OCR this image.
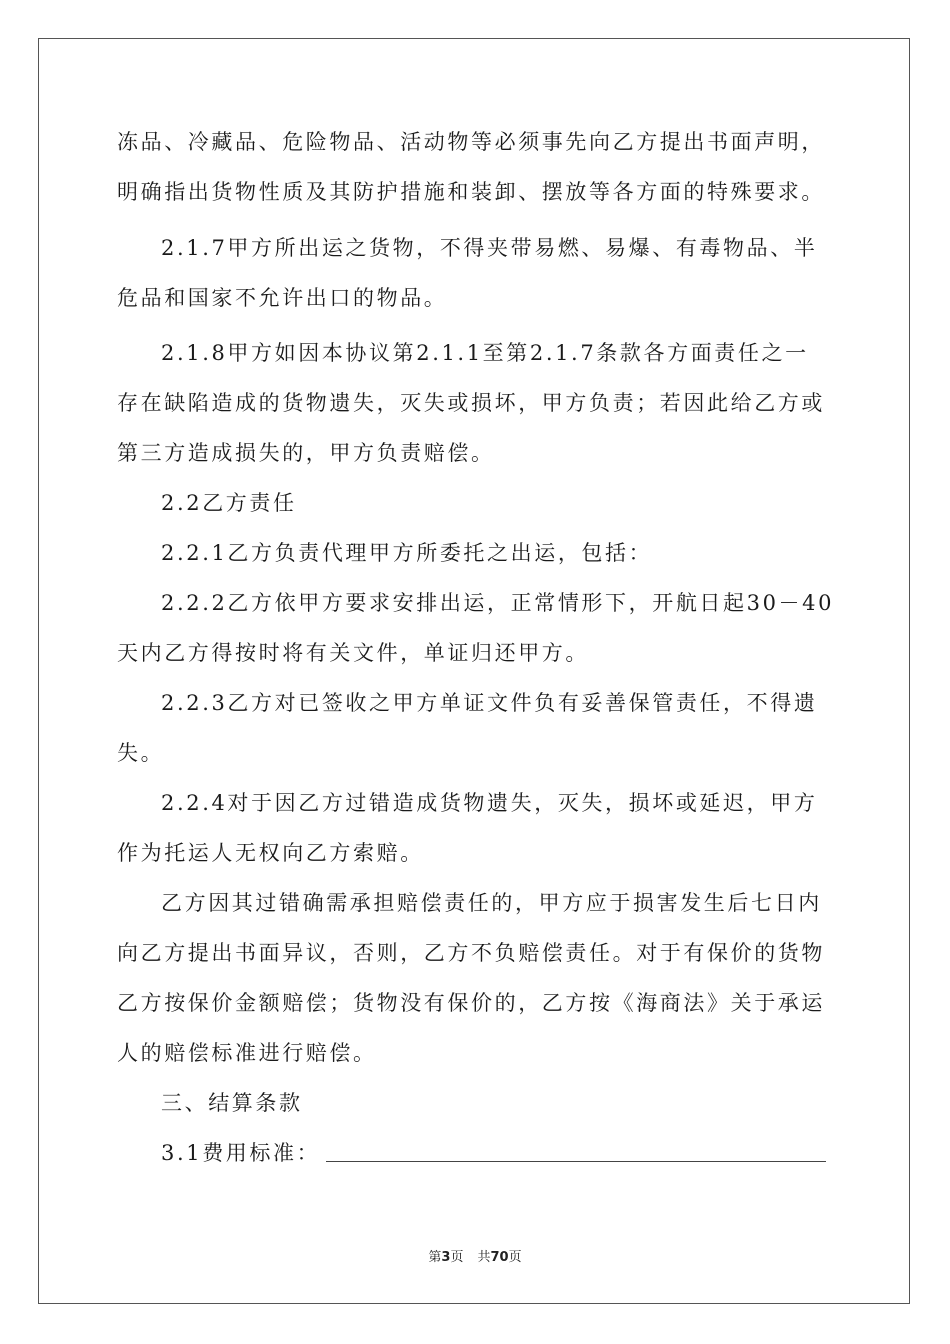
冻品、冷藏品、危险物品、活动物等必须事先向乙方提出书面声明，
明确指出货物性质及其防护措施和装卸、摆放等各方面的特殊要求。
2.1.7甲方所出运之货物，不得夹带易燃、易爆、有毒物品、半
危品和国家不允许出口的物品。
2.1.8甲方如因本协议第2.1.1至第2.1.7条款各方面责任之一
存在缺陷造成的货物遗失，灭失或损坏，甲方负责；若因此给乙方或
第三方造成损失的，甲方负责赔偿。
2.2乙方责任
2.2.1乙方负责代理甲方所委托之出运，包括：
2.2.2乙方依甲方要求安排出运，正常情形下，开航日起30－40
天内乙方得按时将有关文件，单证归还甲方。
2.2.3乙方对已签收之甲方单证文件负有妥善保管责任，不得遗
失。
2.2.4对于因乙方过错造成货物遗失，灭失，损坏或延迟，甲方
作为托运人无权向乙方索赔。
乙方因其过错确需承担赔偿责任的，甲方应于损害发生后七日内
向乙方提出书面异议，否则，乙方不负赔偿责任。对于有保价的货物
乙方按保价金额赔偿；货物没有保价的，乙方按《海商法》关于承运
人的赔偿标准进行赔偿。
三、结算条款
3.1费用标准：
第3页 共70页
